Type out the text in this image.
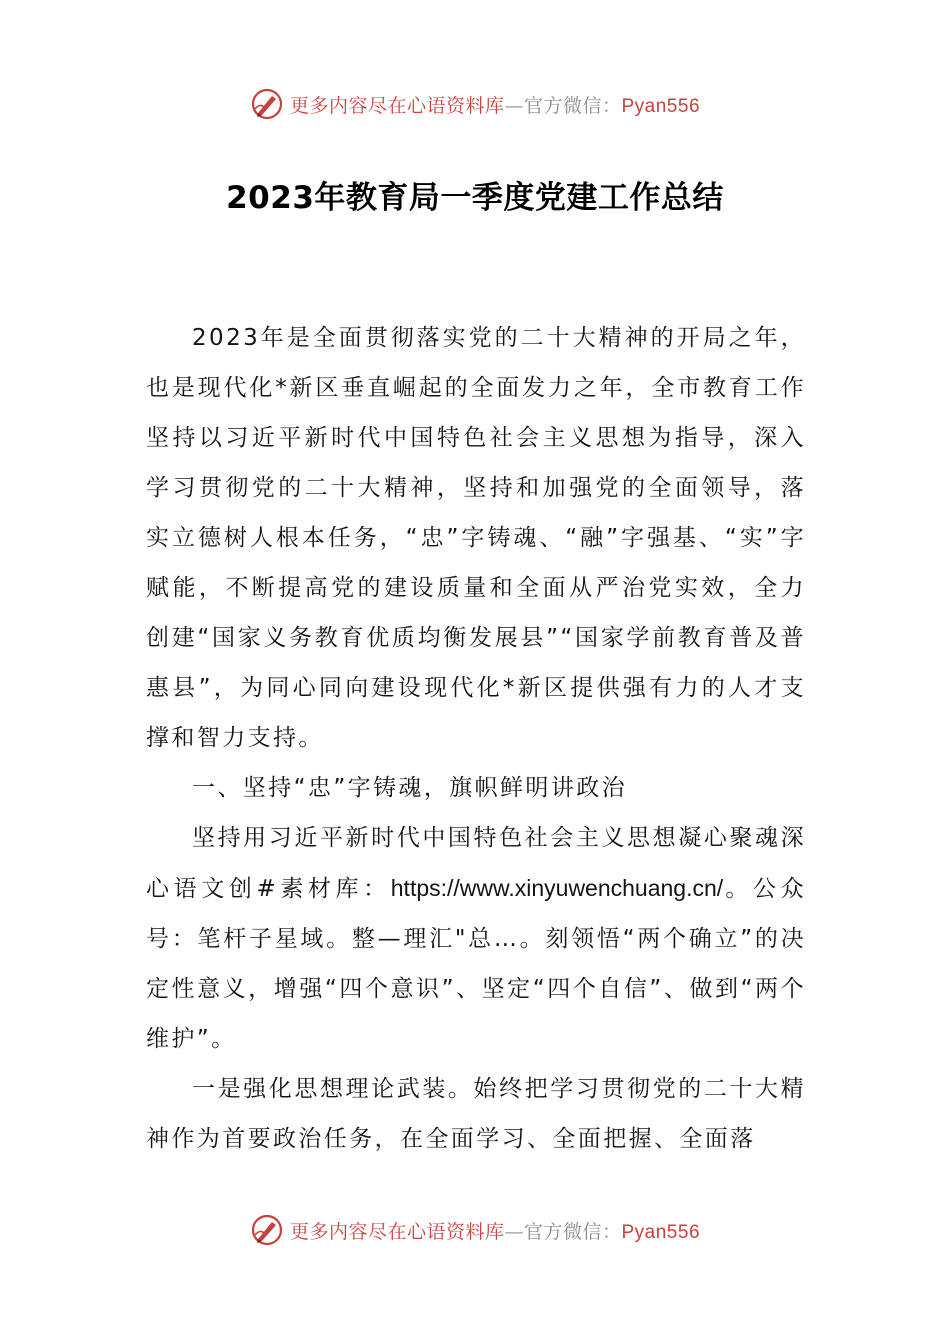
更多内容尽在心语资料库—官方微信：Pyan556
2023年教育局一季度党建工作总结

2023年是全面贯彻落实党的二十大精神的开局之年，也是现代化*新区垂直崛起的全面发力之年，全市教育工作坚持以习近平新时代中国特色社会主义思想为指导，深入学习贯彻党的二十大精神，坚持和加强党的全面领导，落实立德树人根本任务，“忠”字铸魂、“融”字强基、“实”字赋能，不断提高党的建设质量和全面从严治党实效，全力创建“国家义务教育优质均衡发展县”“国家学前教育普及普惠县”，为同心同向建设现代化*新区提供强有力的人才支撑和智力支持。

一、坚持“忠”字铸魂，旗帜鲜明讲政治

坚持用习近平新时代中国特色社会主义思想凝心聚魂深心语文创#素材库：https://www.xinyuwenchuang.cn/。公众号：笔杆子星域。整—理汇"总…。刻领悟“两个确立”的决定性意义，增强“四个意识”、坚定“四个自信”、做到“两个维护”。

一是强化思想理论武装。始终把学习贯彻党的二十大精神作为首要政治任务，在全面学习、全面把握、全面落

更多内容尽在心语资料库—官方微信：Pyan556
